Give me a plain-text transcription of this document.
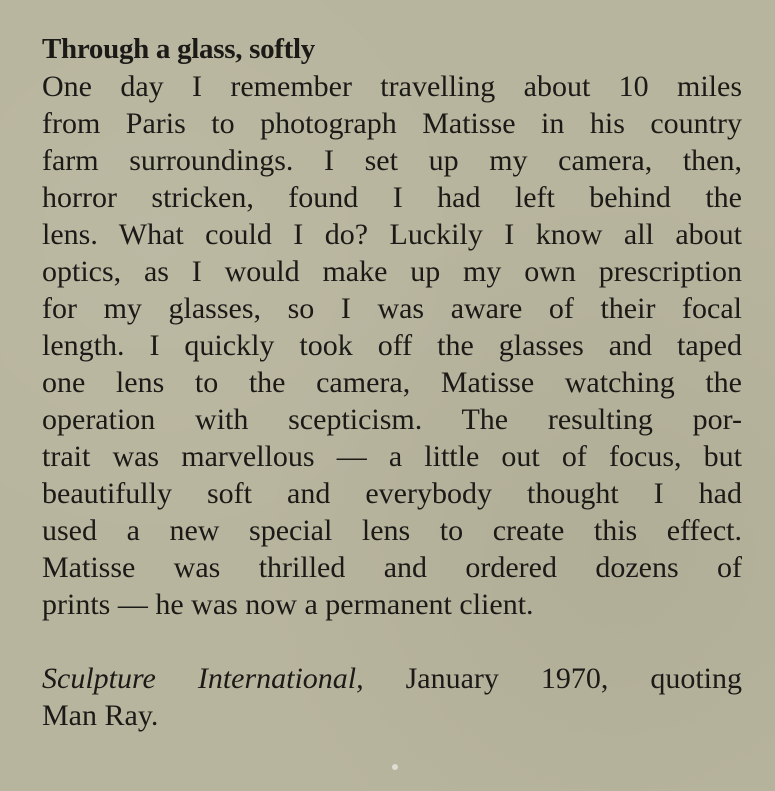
Through a glass, softly

One day I remember travelling about 10 miles
from Paris to photograph Matisse in his country
farm surroundings. I set up my camera, then,
horror stricken, found I had left behind the
lens. What could I do? Luckily I know all about
optics, as I would make up my own prescription
for my glasses, so I was aware of their focal
length. I quickly took off the glasses and taped
one lens to the camera, Matisse watching the
operation with scepticism. The resulting por-
trait was marvellous — a little out of focus, but
beautifully soft and everybody thought I had
used a new special lens to create this effect.
Matisse was thrilled and ordered dozens of
prints — he was now a permanent client.

Sculpture International, January 1970, quoting
Man Ray.
